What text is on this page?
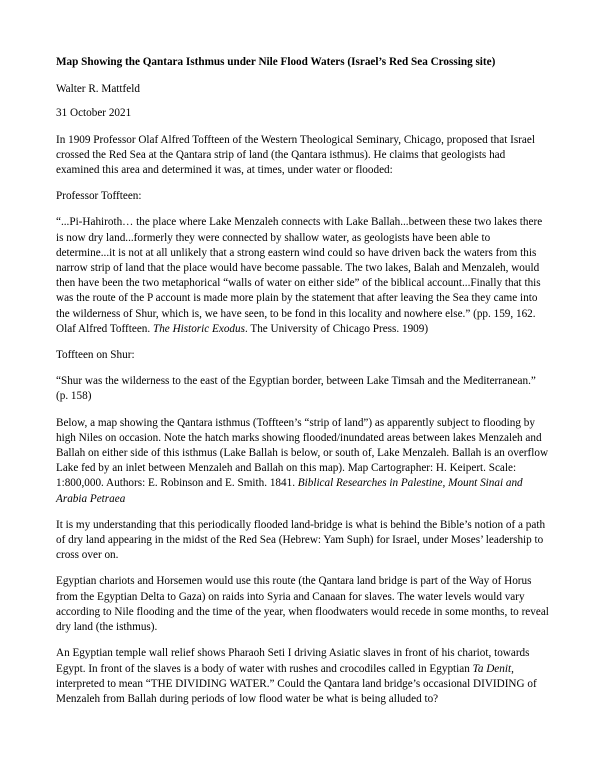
Map Showing the Qantara Isthmus under Nile Flood Waters (Israel’s Red Sea Crossing site)

Walter R. Mattfeld

31 October 2021

In 1909 Professor Olaf Alfred Toffteen of the Western Theological Seminary, Chicago, proposed that Israel crossed the Red Sea at the Qantara strip of land (the Qantara isthmus). He claims that geologists had examined this area and determined it was, at times, under water or flooded:

Professor Toffteen:

“...Pi-Hahiroth… the place where Lake Menzaleh connects with Lake Ballah...between these two lakes there is now dry land...formerly they were connected by shallow water, as geologists have been able to determine...it is not at all unlikely that a strong eastern wind could so have driven back the waters from this narrow strip of land that the place would have become passable. The two lakes, Balah and Menzaleh, would then have been the two metaphorical “walls of water on either side” of the biblical account...Finally that this was the route of the P account is made more plain by the statement that after leaving the Sea they came into the wilderness of Shur, which is, we have seen, to be fond in this locality and nowhere else.” (pp. 159, 162. Olaf Alfred Toffteen. The Historic Exodus. The University of Chicago Press. 1909)

Toffteen on Shur:

“Shur was the wilderness to the east of the Egyptian border, between Lake Timsah and the Mediterranean.” (p. 158)

Below, a map showing the Qantara isthmus (Toffteen’s “strip of land”) as apparently subject to flooding by high Niles on occasion. Note the hatch marks showing flooded/inundated areas between lakes Menzaleh and Ballah on either side of this isthmus (Lake Ballah is below, or south of, Lake Menzaleh. Ballah is an overflow Lake fed by an inlet between Menzaleh and Ballah on this map). Map Cartographer: H. Keipert. Scale: 1:800,000. Authors: E. Robinson and E. Smith. 1841. Biblical Researches in Palestine, Mount Sinai and Arabia Petraea

It is my understanding that this periodically flooded land-bridge is what is behind the Bible’s notion of a path of dry land appearing in the midst of the Red Sea (Hebrew: Yam Suph) for Israel, under Moses’ leadership to cross over on.

Egyptian chariots and Horsemen would use this route (the Qantara land bridge is part of the Way of Horus from the Egyptian Delta to Gaza) on raids into Syria and Canaan for slaves. The water levels would vary according to Nile flooding and the time of the year, when floodwaters would recede in some months, to reveal dry land (the isthmus).

An Egyptian temple wall relief shows Pharaoh Seti I driving Asiatic slaves in front of his chariot, towards Egypt. In front of the slaves is a body of water with rushes and crocodiles called in Egyptian Ta Denit, interpreted to mean “THE DIVIDING WATER.” Could the Qantara land bridge’s occasional DIVIDING of Menzaleh from Ballah during periods of low flood water be what is being alluded to?
